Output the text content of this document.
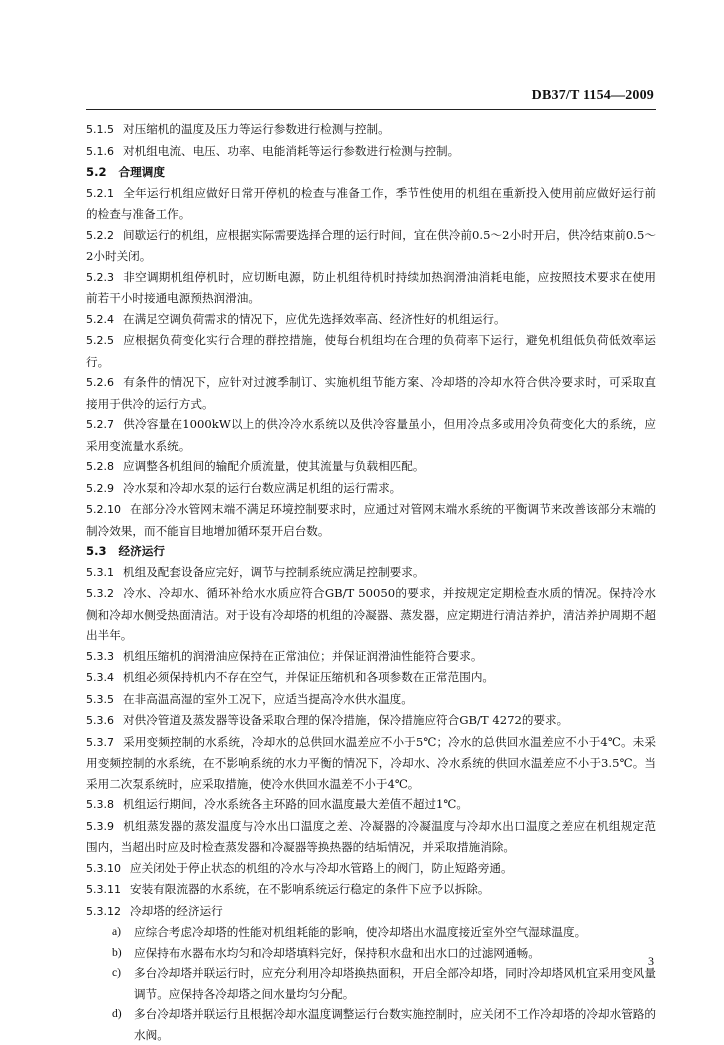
DB37/T 1154—2009

5.1.5 对压缩机的温度及压力等运行参数进行检测与控制。

5.1.6 对机组电流、电压、功率、电能消耗等运行参数进行检测与控制。

5.2 合理调度

5.2.1 全年运行机组应做好日常开停机的检查与准备工作，季节性使用的机组在重新投入使用前应做好运行前的检查与准备工作。

5.2.2 间歇运行的机组，应根据实际需要选择合理的运行时间，宜在供冷前0.5～2小时开启，供冷结束前0.5～2小时关闭。

5.2.3 非空调期机组停机时，应切断电源，防止机组待机时持续加热润滑油消耗电能，应按照技术要求在使用前若干小时接通电源预热润滑油。

5.2.4 在满足空调负荷需求的情况下，应优先选择效率高、经济性好的机组运行。

5.2.5 应根据负荷变化实行合理的群控措施，使每台机组均在合理的负荷率下运行，避免机组低负荷低效率运行。

5.2.6 有条件的情况下，应针对过渡季制订、实施机组节能方案、冷却塔的冷却水符合供冷要求时，可采取直接用于供冷的运行方式。

5.2.7 供冷容量在1000kW以上的供冷冷水系统以及供冷容量虽小，但用冷点多或用冷负荷变化大的系统，应采用变流量水系统。

5.2.8 应调整各机组间的输配介质流量，使其流量与负载相匹配。

5.2.9 冷水泵和冷却水泵的运行台数应满足机组的运行需求。

5.2.10 在部分冷水管网末端不满足环境控制要求时，应通过对管网末端水系统的平衡调节来改善该部分末端的制冷效果，而不能盲目地增加循环泵开启台数。

5.3 经济运行

5.3.1 机组及配套设备应完好，调节与控制系统应满足控制要求。

5.3.2 冷水、冷却水、循环补给水水质应符合GB/T 50050的要求，并按规定定期检查水质的情况。保持冷水侧和冷却水侧受热面清洁。对于设有冷却塔的机组的冷凝器、蒸发器，应定期进行清洁养护，清洁养护周期不超出半年。

5.3.3 机组压缩机的润滑油应保持在正常油位；并保证润滑油性能符合要求。

5.3.4 机组必须保持机内不存在空气，并保证压缩机和各项参数在正常范围内。

5.3.5 在非高温高湿的室外工况下，应适当提高冷水供水温度。

5.3.6 对供冷管道及蒸发器等设备采取合理的保冷措施，保冷措施应符合GB/T 4272的要求。

5.3.7 采用变频控制的水系统，冷却水的总供回水温差应不小于5℃；冷水的总供回水温差应不小于4℃。未采用变频控制的水系统，在不影响系统的水力平衡的情况下，冷却水、冷水系统的供回水温差应不小于3.5℃。当采用二次泵系统时，应采取措施，使冷水供回水温差不小于4℃。

5.3.8 机组运行期间，冷水系统各主环路的回水温度最大差值不超过1℃。

5.3.9 机组蒸发器的蒸发温度与冷水出口温度之差、冷凝器的冷凝温度与冷却水出口温度之差应在机组规定范围内，当超出时应及时检查蒸发器和冷凝器等换热器的结垢情况，并采取措施消除。

5.3.10 应关闭处于停止状态的机组的冷水与冷却水管路上的阀门，防止短路旁通。

5.3.11 安装有限流器的水系统，在不影响系统运行稳定的条件下应予以拆除。

5.3.12 冷却塔的经济运行

a) 应综合考虑冷却塔的性能对机组耗能的影响，使冷却塔出水温度接近室外空气湿球温度。

b) 应保持布水器布水均匀和冷却塔填料完好，保持积水盘和出水口的过滤网通畅。

c) 多台冷却塔并联运行时，应充分利用冷却塔换热面积，开启全部冷却塔，同时冷却塔风机宜采用变风量调节。应保持各冷却塔之间水量均匀分配。

d) 多台冷却塔并联运行且根据冷却水温度调整运行台数实施控制时，应关闭不工作冷却塔的冷却水管路的水阀。

3
